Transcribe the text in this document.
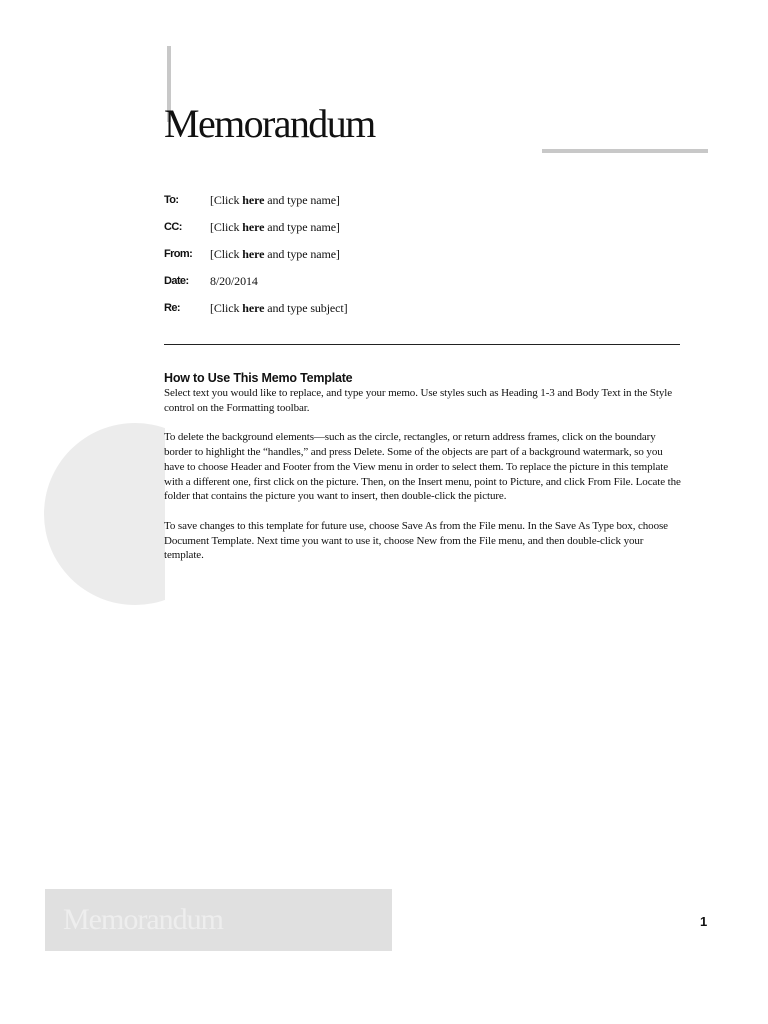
Memorandum
To:	[Click here and type name]
CC: [Click here and type name]
From: [Click here and type name]
Date: 8/20/2014
Re:	[Click here and type subject]
How to Use This Memo Template

Select text you would like to replace, and type your memo. Use styles such as Heading 1-3 and Body Text in the Style control on the Formatting toolbar.

To delete the background elements—such as the circle, rectangles, or return address frames, click on the boundary border to highlight the “handles,” and press Delete. Some of the objects are part of a background watermark, so you have to choose Header and Footer from the View menu in order to select them. To replace the picture in this template with a different one, first click on the picture. Then, on the Insert menu, point to Picture, and click From File. Locate the folder that contains the picture you want to insert, then double-click the picture.

To save changes to this template for future use, choose Save As from the File menu. In the Save As Type box, choose Document Template. Next time you want to use it, choose New from the File menu, and then double-click your template.

Memorandum	1
